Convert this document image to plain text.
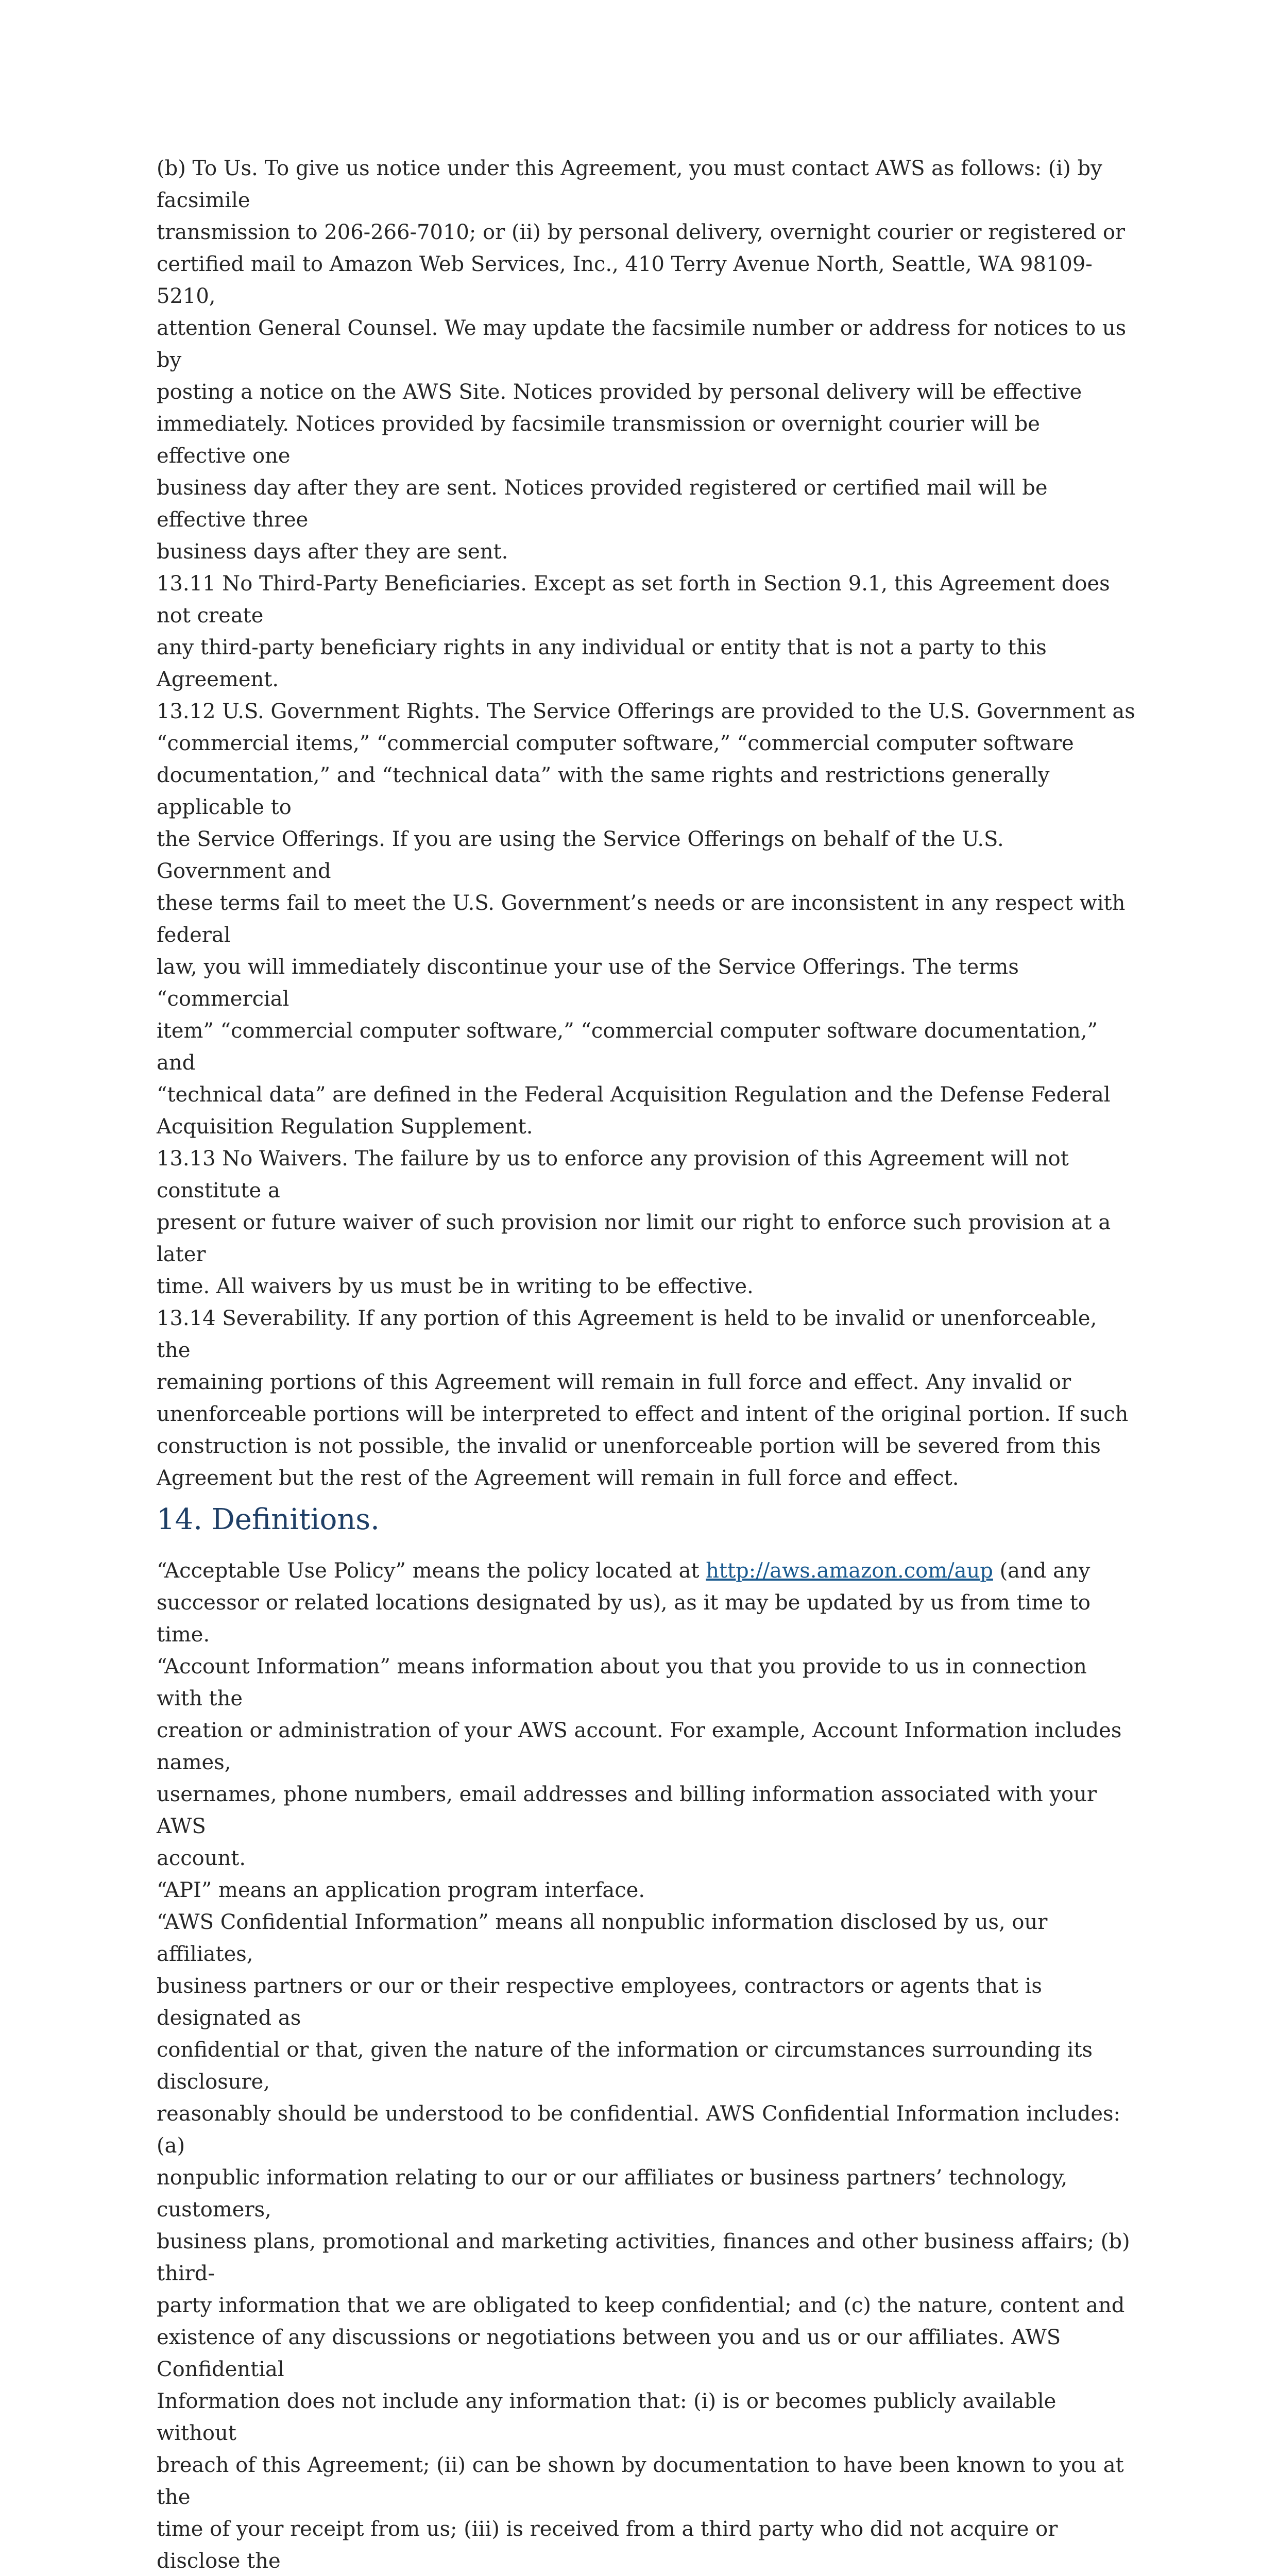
(b) To Us. To give us notice under this Agreement, you must contact AWS as follows: (i) by facsimile
transmission to 206-266-7010; or (ii) by personal delivery, overnight courier or registered or
certified mail to Amazon Web Services, Inc., 410 Terry Avenue North, Seattle, WA 98109-5210,
attention General Counsel. We may update the facsimile number or address for notices to us by
posting a notice on the AWS Site. Notices provided by personal delivery will be effective
immediately. Notices provided by facsimile transmission or overnight courier will be effective one
business day after they are sent. Notices provided registered or certified mail will be effective three
business days after they are sent.

13.11 No Third-Party Beneficiaries. Except as set forth in Section 9.1, this Agreement does not create
any third-party beneficiary rights in any individual or entity that is not a party to this Agreement.

13.12 U.S. Government Rights. The Service Offerings are provided to the U.S. Government as
“commercial items,” “commercial computer software,” “commercial computer software
documentation,” and “technical data” with the same rights and restrictions generally applicable to
the Service Offerings. If you are using the Service Offerings on behalf of the U.S. Government and
these terms fail to meet the U.S. Government’s needs or are inconsistent in any respect with federal
law, you will immediately discontinue your use of the Service Offerings. The terms “commercial
item” “commercial computer software,” “commercial computer software documentation,” and
“technical data” are defined in the Federal Acquisition Regulation and the Defense Federal
Acquisition Regulation Supplement.

13.13 No Waivers. The failure by us to enforce any provision of this Agreement will not constitute a
present or future waiver of such provision nor limit our right to enforce such provision at a later
time. All waivers by us must be in writing to be effective.

13.14 Severability. If any portion of this Agreement is held to be invalid or unenforceable, the
remaining portions of this Agreement will remain in full force and effect. Any invalid or
unenforceable portions will be interpreted to effect and intent of the original portion. If such
construction is not possible, the invalid or unenforceable portion will be severed from this
Agreement but the rest of the Agreement will remain in full force and effect.

14. Definitions.

“Acceptable Use Policy” means the policy located at http://aws.amazon.com/aup (and any
successor or related locations designated by us), as it may be updated by us from time to time.

“Account Information” means information about you that you provide to us in connection with the
creation or administration of your AWS account. For example, Account Information includes names,
usernames, phone numbers, email addresses and billing information associated with your AWS
account.

“API” means an application program interface.

“AWS Confidential Information” means all nonpublic information disclosed by us, our affiliates,
business partners or our or their respective employees, contractors or agents that is designated as
confidential or that, given the nature of the information or circumstances surrounding its disclosure,
reasonably should be understood to be confidential. AWS Confidential Information includes: (a)
nonpublic information relating to our or our affiliates or business partners’ technology, customers,
business plans, promotional and marketing activities, finances and other business affairs; (b) third-
party information that we are obligated to keep confidential; and (c) the nature, content and
existence of any discussions or negotiations between you and us or our affiliates. AWS Confidential
Information does not include any information that: (i) is or becomes publicly available without
breach of this Agreement; (ii) can be shown by documentation to have been known to you at the
time of your receipt from us; (iii) is received from a third party who did not acquire or disclose the
